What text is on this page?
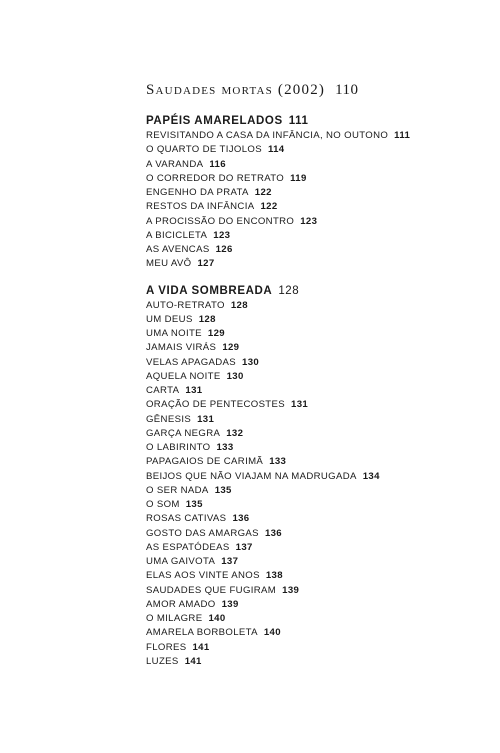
Saudades mortas (2002) 110
PAPÉIS AMARELADOS 111
REVISITANDO A CASA DA INFÂNCIA, NO OUTONO 111
O QUARTO DE TIJOLOS 114
A VARANDA 116
O CORREDOR DO RETRATO 119
ENGENHO DA PRATA 122
RESTOS DA INFÂNCIA 122
A PROCISSÃO DO ENCONTRO 123
A BICICLETA 123
AS AVENCAS 126
MEU AVÔ 127
A VIDA SOMBREADA 128
AUTO-RETRATO 128
UM DEUS 128
UMA NOITE 129
JAMAIS VIRÁS 129
VELAS APAGADAS 130
AQUELA NOITE 130
CARTA 131
ORAÇÃO DE PENTECOSTES 131
GÊNESIS 131
GARÇA NEGRA 132
O LABIRINTO 133
PAPAGAIOS DE CARIMÃ 133
BEIJOS QUE NÃO VIAJAM NA MADRUGADA 134
O SER NADA 135
O SOM 135
ROSAS CATIVAS 136
GOSTO DAS AMARGAS 136
AS ESPATÓDEAS 137
UMA GAIVOTA 137
ELAS AOS VINTE ANOS 138
SAUDADES QUE FUGIRAM 139
AMOR AMADO 139
O MILAGRE 140
AMARELA BORBOLETA 140
FLORES 141
LUZES 141
